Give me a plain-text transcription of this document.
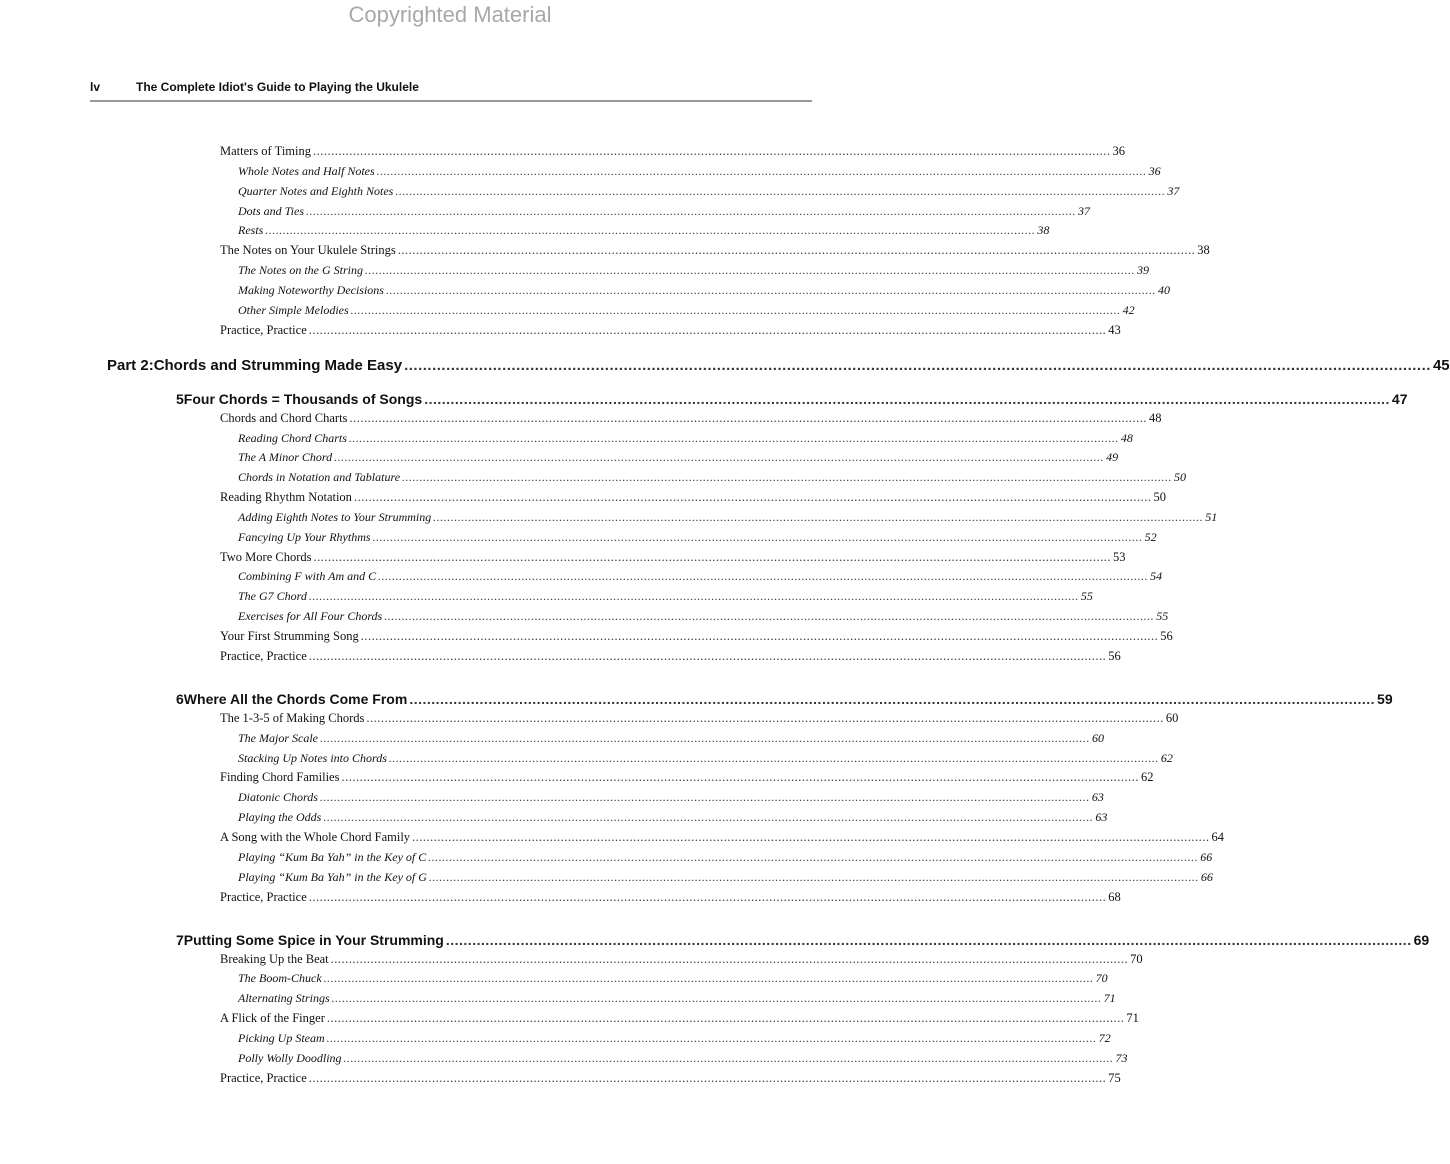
Copyrighted Material
lv	The Complete Idiot's Guide to Playing the Ukulele
Matters of Timing ............................................................................................................................................................................................................................ 36
Whole Notes and Half Notes ............................................................................................................................................................................................................................ 36
Quarter Notes and Eighth Notes ............................................................................................................................................................................................................................ 37
Dots and Ties ............................................................................................................................................................................................................................ 37
Rests ............................................................................................................................................................................................................................ 38
The Notes on Your Ukulele Strings ............................................................................................................................................................................................................................ 38
The Notes on the G String ............................................................................................................................................................................................................................ 39
Making Noteworthy Decisions ............................................................................................................................................................................................................................ 40
Other Simple Melodies ............................................................................................................................................................................................................................ 42
Practice, Practice ............................................................................................................................................................................................................................ 43
Part 2: Chords and Strumming Made Easy ............................................................................................................................................................................................................................ 45
5 Four Chords = Thousands of Songs ............................................................................................................................................................................................................................ 47
Chords and Chord Charts ............................................................................................................................................................................................................................ 48
Reading Chord Charts ............................................................................................................................................................................................................................ 48
The A Minor Chord ............................................................................................................................................................................................................................ 49
Chords in Notation and Tablature ............................................................................................................................................................................................................................ 50
Reading Rhythm Notation ............................................................................................................................................................................................................................ 50
Adding Eighth Notes to Your Strumming ............................................................................................................................................................................................................................ 51
Fancying Up Your Rhythms ............................................................................................................................................................................................................................ 52
Two More Chords ............................................................................................................................................................................................................................ 53
Combining F with Am and C ............................................................................................................................................................................................................................ 54
The G7 Chord ............................................................................................................................................................................................................................ 55
Exercises for All Four Chords ............................................................................................................................................................................................................................ 55
Your First Strumming Song ............................................................................................................................................................................................................................ 56
Practice, Practice ............................................................................................................................................................................................................................ 56
6 Where All the Chords Come From ............................................................................................................................................................................................................................ 59
The 1-3-5 of Making Chords ............................................................................................................................................................................................................................ 60
The Major Scale ............................................................................................................................................................................................................................ 60
Stacking Up Notes into Chords ............................................................................................................................................................................................................................ 62
Finding Chord Families ............................................................................................................................................................................................................................ 62
Diatonic Chords ............................................................................................................................................................................................................................ 63
Playing the Odds ............................................................................................................................................................................................................................ 63
A Song with the Whole Chord Family ............................................................................................................................................................................................................................ 64
Playing “Kum Ba Yah” in the Key of C ............................................................................................................................................................................................................................ 66
Playing “Kum Ba Yah” in the Key of G ............................................................................................................................................................................................................................ 66
Practice, Practice ............................................................................................................................................................................................................................ 68
7 Putting Some Spice in Your Strumming ............................................................................................................................................................................................................................ 69
Breaking Up the Beat ............................................................................................................................................................................................................................ 70
The Boom-Chuck ............................................................................................................................................................................................................................ 70
Alternating Strings ............................................................................................................................................................................................................................ 71
A Flick of the Finger ............................................................................................................................................................................................................................ 71
Picking Up Steam ............................................................................................................................................................................................................................ 72
Polly Wolly Doodling ............................................................................................................................................................................................................................ 73
Practice, Practice ............................................................................................................................................................................................................................ 75
